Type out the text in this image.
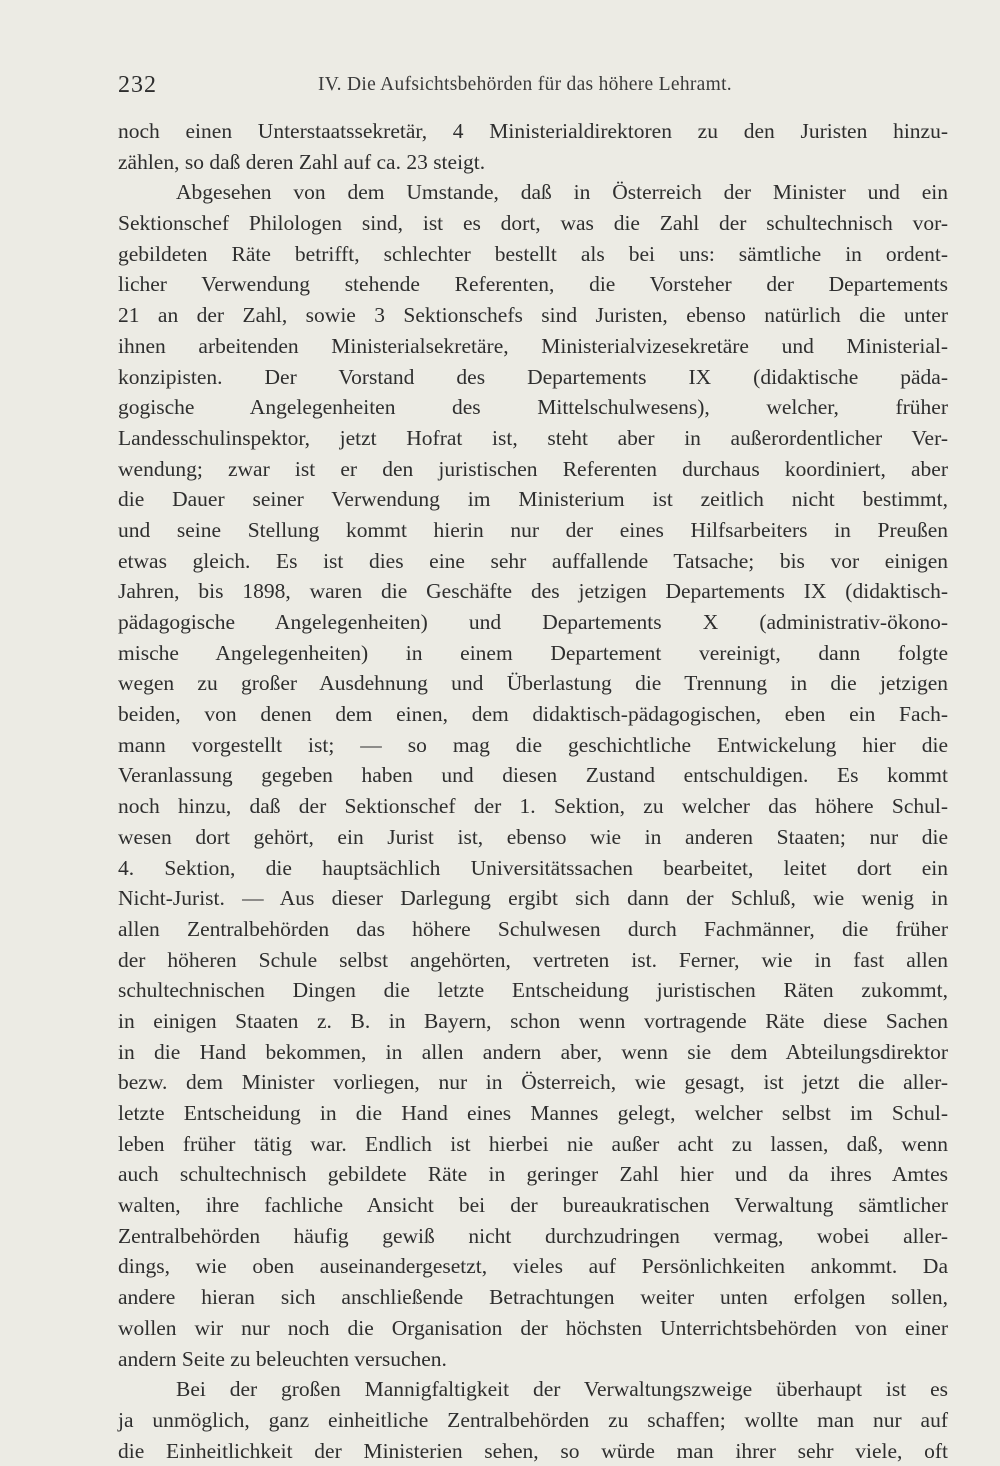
232	IV. Die Aufsichtsbehörden für das höhere Lehramt.
noch einen Unterstaatssekretär, 4 Ministerialdirektoren zu den Juristen hinzu-
zählen, so daß deren Zahl auf ca. 23 steigt.
Abgesehen von dem Umstande, daß in Österreich der Minister und ein
Sektionschef Philologen sind, ist es dort, was die Zahl der schultechnisch vor-
gebildeten Räte betrifft, schlechter bestellt als bei uns: sämtliche in ordent-
licher Verwendung stehende Referenten, die Vorsteher der Departements
21 an der Zahl, sowie 3 Sektionschefs sind Juristen, ebenso natürlich die unter
ihnen arbeitenden Ministerialsekretäre, Ministerialvizesekretäre und Ministerial-
konzipisten. Der Vorstand des Departements IX (didaktische päda-
gogische Angelegenheiten des Mittelschulwesens), welcher, früher
Landesschulinspektor, jetzt Hofrat ist, steht aber in außerordentlicher Ver-
wendung; zwar ist er den juristischen Referenten durchaus koordiniert, aber
die Dauer seiner Verwendung im Ministerium ist zeitlich nicht bestimmt,
und seine Stellung kommt hierin nur der eines Hilfsarbeiters in Preußen
etwas gleich. Es ist dies eine sehr auffallende Tatsache; bis vor einigen
Jahren, bis 1898, waren die Geschäfte des jetzigen Departements IX (didaktisch-
pädagogische Angelegenheiten) und Departements X (administrativ-ökono-
mische Angelegenheiten) in einem Departement vereinigt, dann folgte
wegen zu großer Ausdehnung und Überlastung die Trennung in die jetzigen
beiden, von denen dem einen, dem didaktisch-pädagogischen, eben ein Fach-
mann vorgestellt ist; — so mag die geschichtliche Entwickelung hier die
Veranlassung gegeben haben und diesen Zustand entschuldigen. Es kommt
noch hinzu, daß der Sektionschef der 1. Sektion, zu welcher das höhere Schul-
wesen dort gehört, ein Jurist ist, ebenso wie in anderen Staaten; nur die
4. Sektion, die hauptsächlich Universitätssachen bearbeitet, leitet dort ein
Nicht-Jurist. — Aus dieser Darlegung ergibt sich dann der Schluß, wie wenig in
allen Zentralbehörden das höhere Schulwesen durch Fachmänner, die früher
der höheren Schule selbst angehörten, vertreten ist. Ferner, wie in fast allen
schultechnischen Dingen die letzte Entscheidung juristischen Räten zukommt,
in einigen Staaten z. B. in Bayern, schon wenn vortragende Räte diese Sachen
in die Hand bekommen, in allen andern aber, wenn sie dem Abteilungsdirektor
bezw. dem Minister vorliegen, nur in Österreich, wie gesagt, ist jetzt die aller-
letzte Entscheidung in die Hand eines Mannes gelegt, welcher selbst im Schul-
leben früher tätig war. Endlich ist hierbei nie außer acht zu lassen, daß, wenn
auch schultechnisch gebildete Räte in geringer Zahl hier und da ihres Amtes
walten, ihre fachliche Ansicht bei der bureaukratischen Verwaltung sämtlicher
Zentralbehörden häufig gewiß nicht durchzudringen vermag, wobei aller-
dings, wie oben auseinandergesetzt, vieles auf Persönlichkeiten ankommt. Da
andere hieran sich anschließende Betrachtungen weiter unten erfolgen sollen,
wollen wir nur noch die Organisation der höchsten Unterrichtsbehörden von einer
andern Seite zu beleuchten versuchen.
Bei der großen Mannigfaltigkeit der Verwaltungszweige überhaupt ist es
ja unmöglich, ganz einheitliche Zentralbehörden zu schaffen; wollte man nur auf
die Einheitlichkeit der Ministerien sehen, so würde man ihrer sehr viele, oft
